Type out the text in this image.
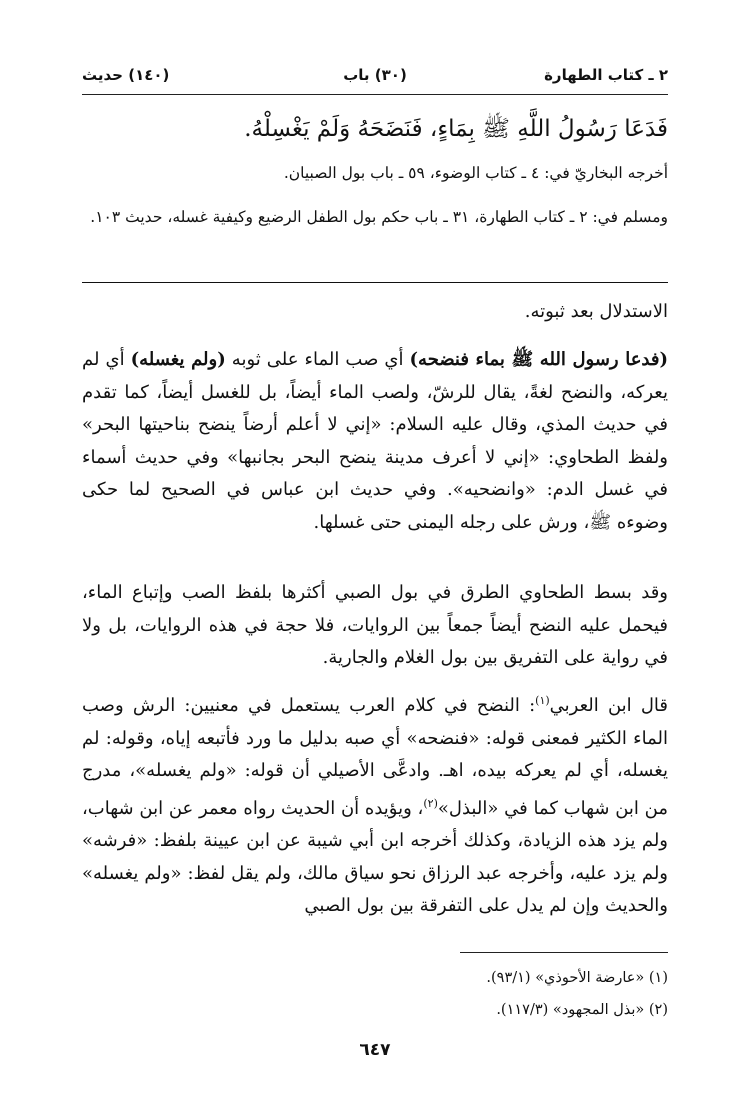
٢ ـ كتاب الطهارة
(٣٠) باب
(١٤٠) حديث
فَدَعَا رَسُولُ اللَّهِ ﷺ بِمَاءٍ، فَنَضَحَهُ وَلَمْ يَغْسِلْهُ.
أخرجه البخاريّ في: ٤ ـ كتاب الوضوء، ٥٩ ـ باب بول الصبيان.
ومسلم في: ٢ ـ كتاب الطهارة، ٣١ ـ باب حكم بول الطفل الرضيع وكيفية غسله، حديث ١٠٣.

الاستدلال بعد ثبوته.

(فدعا رسول الله ﷺ بماء فنضحه) أي صب الماء على ثوبه (ولم يغسله) أي لم يعركه، والنضح لغةً، يقال للرشّ، ولصب الماء أيضاً، بل للغسل أيضاً، كما تقدم في حديث المذي، وقال عليه السلام: «إني لا أعلم أرضاً ينضح بناحيتها البحر» ولفظ الطحاوي: «إني لا أعرف مدينة ينضح البحر بجانبها» وفي حديث أسماء في غسل الدم: «وانضحيه». وفي حديث ابن عباس في الصحيح لما حكى وضوءه ﷺ، ورش على رجله اليمنى حتى غسلها.

وقد بسط الطحاوي الطرق في بول الصبي أكثرها بلفظ الصب وإتباع الماء، فيحمل عليه النضح أيضاً جمعاً بين الروايات، فلا حجة في هذه الروايات، بل ولا في رواية على التفريق بين بول الغلام والجارية.

قال ابن العربي$^{(١)}$: النضح في كلام العرب يستعمل في معنيين: الرش وصب الماء الكثير فمعنى قوله: «فنضحه» أي صبه بدليل ما ورد فأتبعه إياه، وقوله: لم يغسله، أي لم يعركه بيده، اهـ. وادعَّى الأصيلي أن قوله: «ولم يغسله»، مدرج من ابن شهاب كما في «البذل»$^{(٢)}$، ويؤيده أن الحديث رواه معمر عن ابن شهاب، ولم يزد هذه الزيادة، وكذلك أخرجه ابن أبي شيبة عن ابن عيينة بلفظ: «فرشه» ولم يزد عليه، وأخرجه عبد الرزاق نحو سياق مالك، ولم يقل لفظ: «ولم يغسله» والحديث وإن لم يدل على التفرقة بين بول الصبي

(١) «عارضة الأحوذي» (٩٣/١).
(٢) «بذل المجهود» (١١٧/٣).
٦٤٧
